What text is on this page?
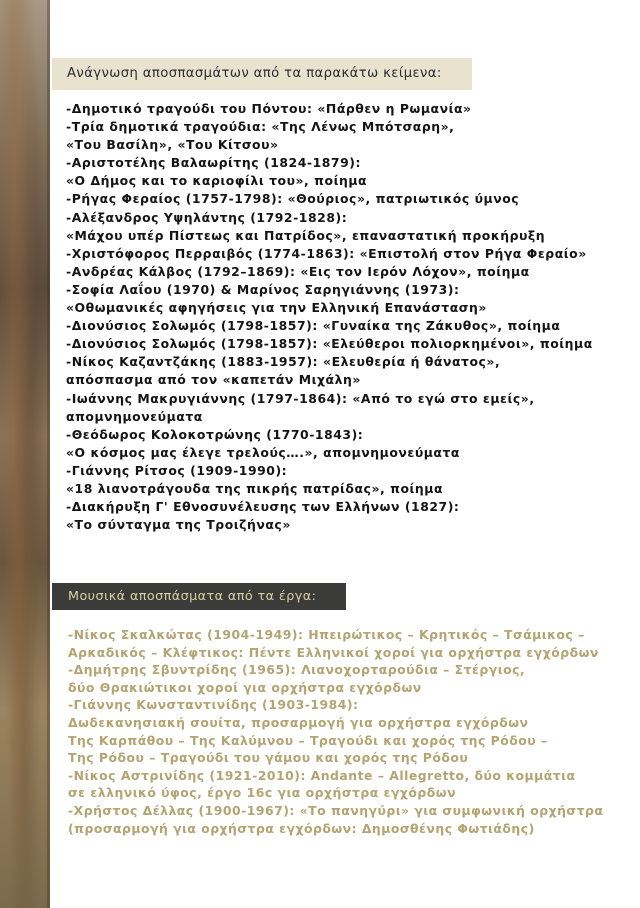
Ανάγνωση αποσπασμάτων από τα παρακάτω κείμενα:
-Δημοτικό τραγούδι του Πόντου: «Πάρθεν η Ρωμανία»
-Τρία δημοτικά τραγούδια: «Της Λένως Μπότσαρη»,
«Του Βασίλη», «Του Κίτσου»
-Αριστοτέλης Βαλαωρίτης (1824-1879):
«Ο Δήμος και το καριοφίλι του», ποίημα
-Ρήγας Φεραίος (1757-1798): «Θούριος», πατριωτικός ύμνος
-Αλέξανδρος Υψηλάντης (1792-1828):
«Μάχου υπέρ Πίστεως και Πατρίδος», επαναστατική προκήρυξη
-Χριστόφορος Περραιβός (1774-1863): «Επιστολή στον Ρήγα Φεραίο»
-Ανδρέας Κάλβος (1792–1869): «Εις τον Ιερόν Λόχον», ποίημα
-Σοφία Λαΐου (1970) & Μαρίνος Σαρηγιάννης (1973):
«Οθωμανικές αφηγήσεις για την Ελληνική Επανάσταση»
-Διονύσιος Σολωμός (1798-1857): «Γυναίκα της Ζάκυθος», ποίημα
-Διονύσιος Σολωμός (1798-1857): «Ελεύθεροι πολιορκημένοι», ποίημα
-Νίκος Καζαντζάκης (1883-1957): «Ελευθερία ή θάνατος»,
απόσπασμα από τον «καπετάν Μιχάλη»
-Ιωάννης Μακρυγιάννης (1797-1864): «Από το εγώ στο εμείς»,
απομνημονεύματα
-Θεόδωρος Κολοκοτρώνης (1770-1843):
«Ο κόσμος μας έλεγε τρελούς….», απομνημονεύματα
-Γιάννης Ρίτσος (1909-1990):
«18 λιανοτράγουδα της πικρής πατρίδας», ποίημα
-Διακήρυξη Γ' Εθνοσυνέλευσης των Ελλήνων (1827):
«Το σύνταγμα της Τροιζήνας»
Μουσικά αποσπάσματα από τα έργα:
-Νίκος Σκαλκώτας (1904-1949): Ηπειρώτικος – Κρητικός – Τσάμικος –
Αρκαδικός – Κλέφτικος: Πέντε Ελληνικοί χοροί για ορχήστρα εγχόρδων
-Δημήτρης Σβυντρίδης (1965): Λιανοχορταρούδια – Στέργιος,
δύο Θρακιώτικοι χοροί για ορχήστρα εγχόρδων
-Γιάννης Κωνσταντινίδης (1903-1984):
Δωδεκανησιακή σουίτα, προσαρμογή για ορχήστρα εγχόρδων
Της Καρπάθου – Της Καλύμνου – Τραγούδι και χορός της Ρόδου –
Της Ρόδου – Τραγούδι του γάμου και χορός της Ρόδου
-Νίκος Αστρινίδης (1921-2010): Andante – Allegretto, δύο κομμάτια
σε ελληνικό ύφος, έργο 16c για ορχήστρα εγχόρδων
-Χρήστος Δέλλας (1900-1967): «Το πανηγύρι» για συμφωνική ορχήστρα
(προσαρμογή για ορχήστρα εγχόρδων: Δημοσθένης Φωτιάδης)
